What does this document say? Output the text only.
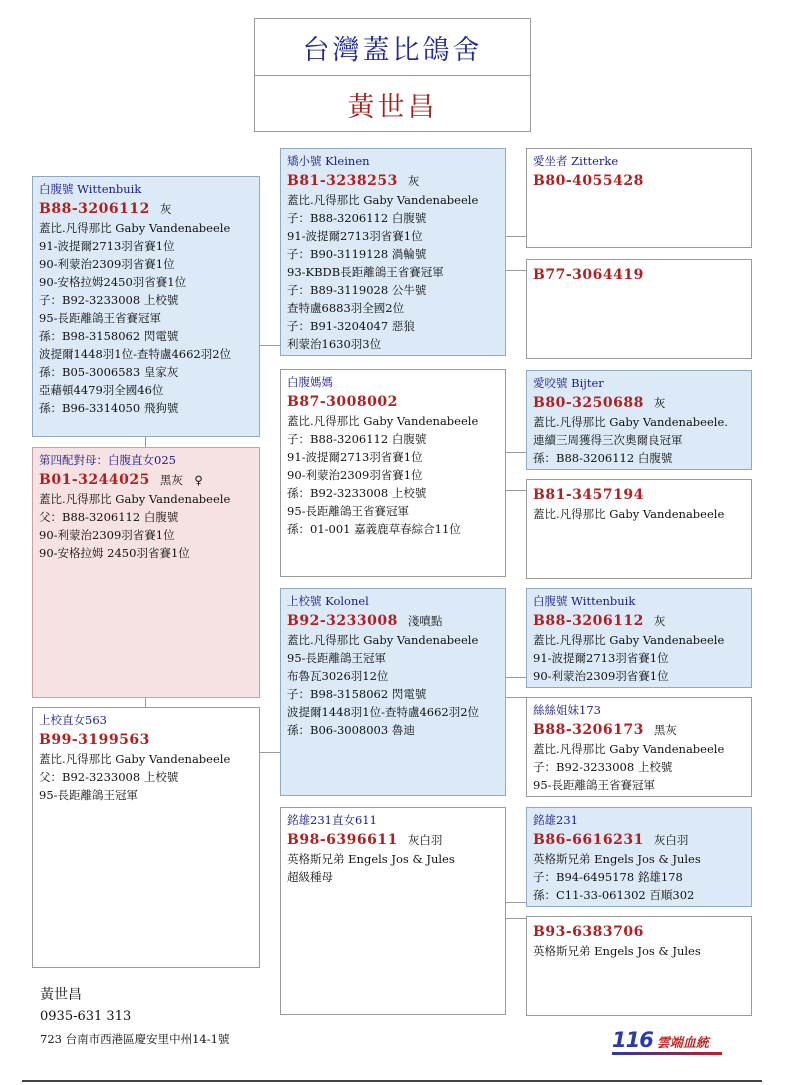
台灣蓋比鴿舍
黃世昌
白腹號 Wittenbuik
B88-3206112 灰
蓋比.凡得那比 Gaby Vandenabeele
91-波提爾2713羽省賽1位
90-利蒙治2309羽省賽1位
90-安格拉姆2450羽省賽1位
子：B92-3233008 上校號
95-長距離鴿王省賽冠軍
孫：B98-3158062 閃電號
波提爾1448羽1位-查特盧4662羽2位
孫：B05-3006583 皇家灰
亞藉頓4479羽全國46位
孫：B96-3314050 飛狗號
第四配對母：白腹直女025
B01-3244025 黑灰　♀
蓋比.凡得那比 Gaby Vandenabeele
父：B88-3206112 白腹號
90-利蒙治2309羽省賽1位
90-安格拉姆 2450羽省賽1位
上校直女563
B99-3199563
蓋比.凡得那比 Gaby Vandenabeele
父：B92-3233008 上校號
95-長距離鴿王冠軍
矯小號 Kleinen
B81-3238253 灰
蓋比.凡得那比 Gaby Vandenabeele
子：B88-3206112 白腹號
91-波提爾2713羽省賽1位
子：B90-3119128 渦輪號
93-KBDB長距離鴿王省賽冠軍
子：B89-3119028 公牛號
查特盧6883羽全國2位
子：B91-3204047 惡狼
利蒙治1630羽3位
白腹媽媽
B87-3008002
蓋比.凡得那比 Gaby Vandenabeele
子：B88-3206112 白腹號
91-波提爾2713羽省賽1位
90-利蒙治2309羽省賽1位
孫：B92-3233008 上校號
95-長距離鴿王省賽冠軍
孫：01-001 嘉義鹿草春綜合11位
上校號 Kolonel
B92-3233008 淺噴點
蓋比.凡得那比 Gaby Vandenabeele
95-長距離鴿王冠軍
布魯瓦3026羽12位
子：B98-3158062 閃電號
波提爾1448羽1位-查特盧4662羽2位
孫：B06-3008003 魯迪
銘雄231直女611
B98-6396611 灰白羽
英格斯兄弟 Engels Jos & Jules
超級種母
愛坐者 Zitterke
B80-4055428
B77-3064419
愛咬號 Bijter
B80-3250688 灰
蓋比.凡得那比 Gaby Vandenabeele.
連續三周獲得三次奧爾良冠軍
孫：B88-3206112 白腹號
B81-3457194
蓋比.凡得那比 Gaby Vandenabeele
白腹號 Wittenbuik
B88-3206112 灰
蓋比.凡得那比 Gaby Vandenabeele
91-波提爾2713羽省賽1位
90-利蒙治2309羽省賽1位
絲絲姐妹173
B88-3206173 黑灰
蓋比.凡得那比 Gaby Vandenabeele
子：B92-3233008 上校號
95-長距離鴿王省賽冠軍
銘雄231
B86-6616231 灰白羽
英格斯兄弟 Engels Jos & Jules
子：B94-6495178 銘雄178
孫：C11-33-061302 百順302
B93-6383706
英格斯兄弟 Engels Jos & Jules
黃世昌
0935-631 313
723 台南市西港區慶安里中州14-1號	116 雲端血統
